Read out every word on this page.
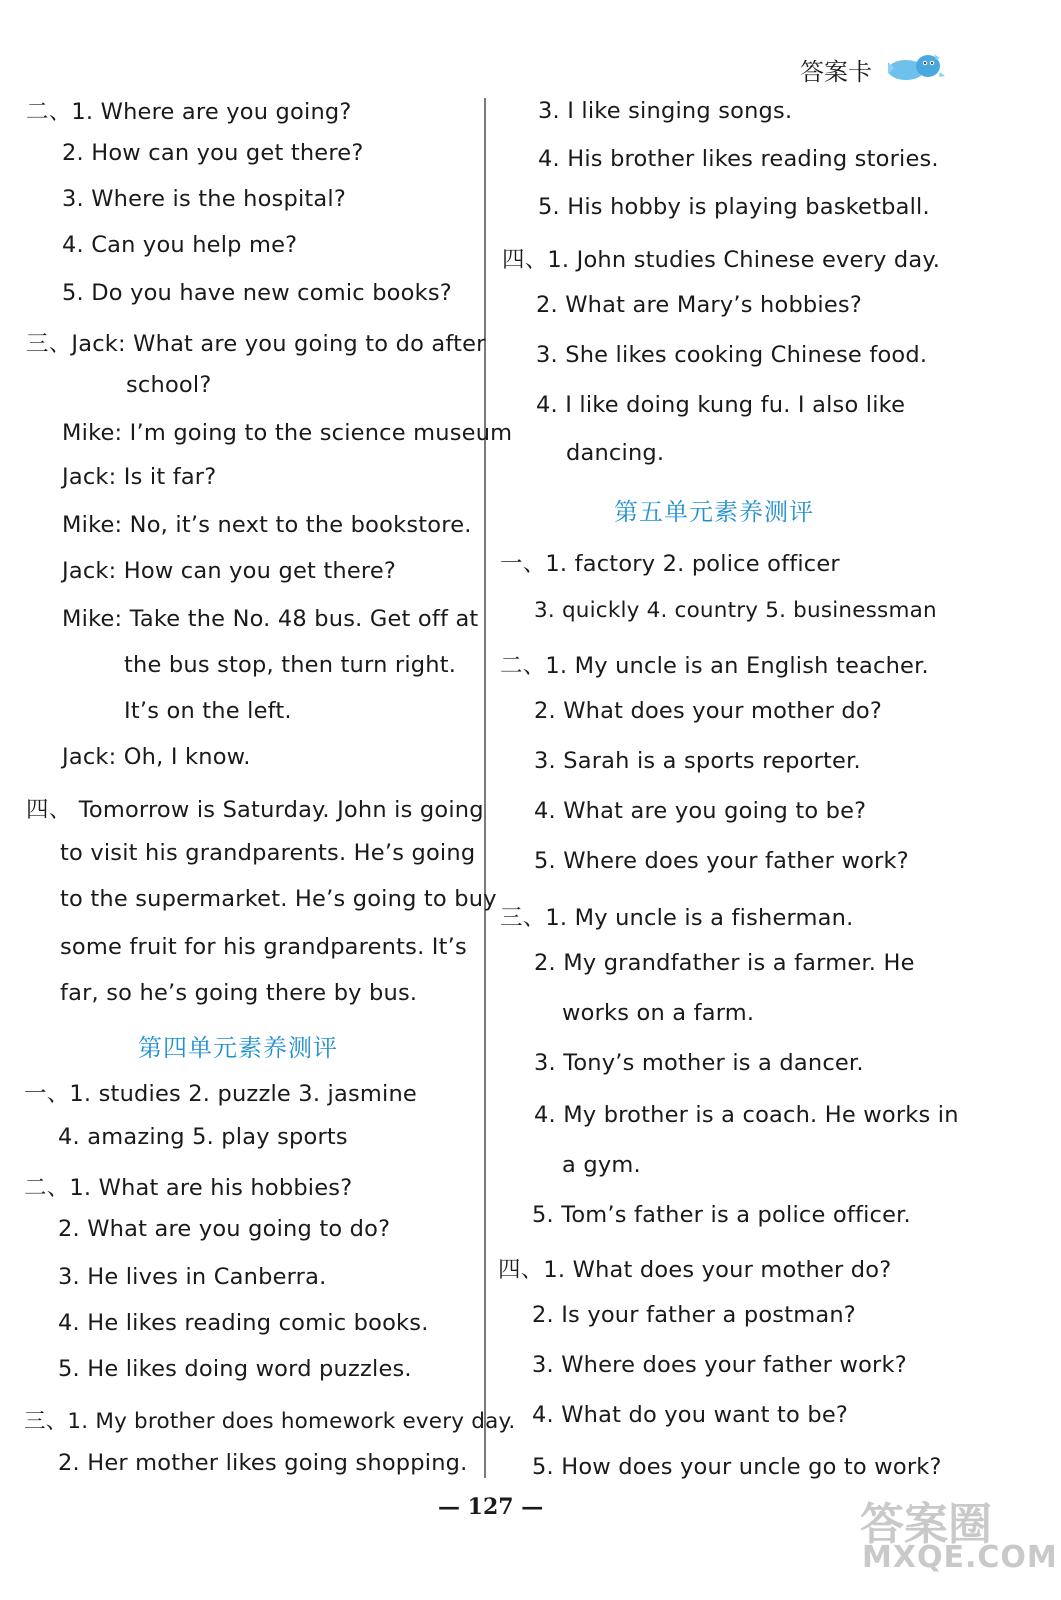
答案卡
二、1. Where are you going?
2. How can you get there?
3. Where is the hospital?
4. Can you help me?
5. Do you have new comic books?
三、Jack: What are you going to do after
school?
Mike: I’m going to the science museum
Jack: Is it far?
Mike: No, it’s next to the bookstore.
Jack: How can you get there?
Mike: Take the No. 48 bus. Get off at
the bus stop, then turn right.
It’s on the left.
Jack: Oh, I know.
四、 Tomorrow is Saturday. John is going
to visit his grandparents. He’s going
to the supermarket. He’s going to buy
some fruit for his grandparents. It’s
far, so he’s going there by bus.
第四单元素养测评
一、1. studies 2. puzzle 3. jasmine
4. amazing 5. play sports
二、1. What are his hobbies?
2. What are you going to do?
3. He lives in Canberra.
4. He likes reading comic books.
5. He likes doing word puzzles.
三、1. My brother does homework every day.
2. Her mother likes going shopping.
3. I like singing songs.
4. His brother likes reading stories.
5. His hobby is playing basketball.
四、1. John studies Chinese every day.
2. What are Mary’s hobbies?
3. She likes cooking Chinese food.
4. I like doing kung fu. I also like
dancing.
第五单元素养测评
一、1. factory 2. police officer
3. quickly 4. country 5. businessman
二、1. My uncle is an English teacher.
2. What does your mother do?
3. Sarah is a sports reporter.
4. What are you going to be?
5. Where does your father work?
三、1. My uncle is a fisherman.
2. My grandfather is a farmer. He
works on a farm.
3. Tony’s mother is a dancer.
4. My brother is a coach. He works in
a gym.
5. Tom’s father is a police officer.
四、1. What does your mother do?
2. Is your father a postman?
3. Where does your father work?
4. What do you want to be?
5. How does your uncle go to work?
— 127 —	答案圈
MXQE.COM
